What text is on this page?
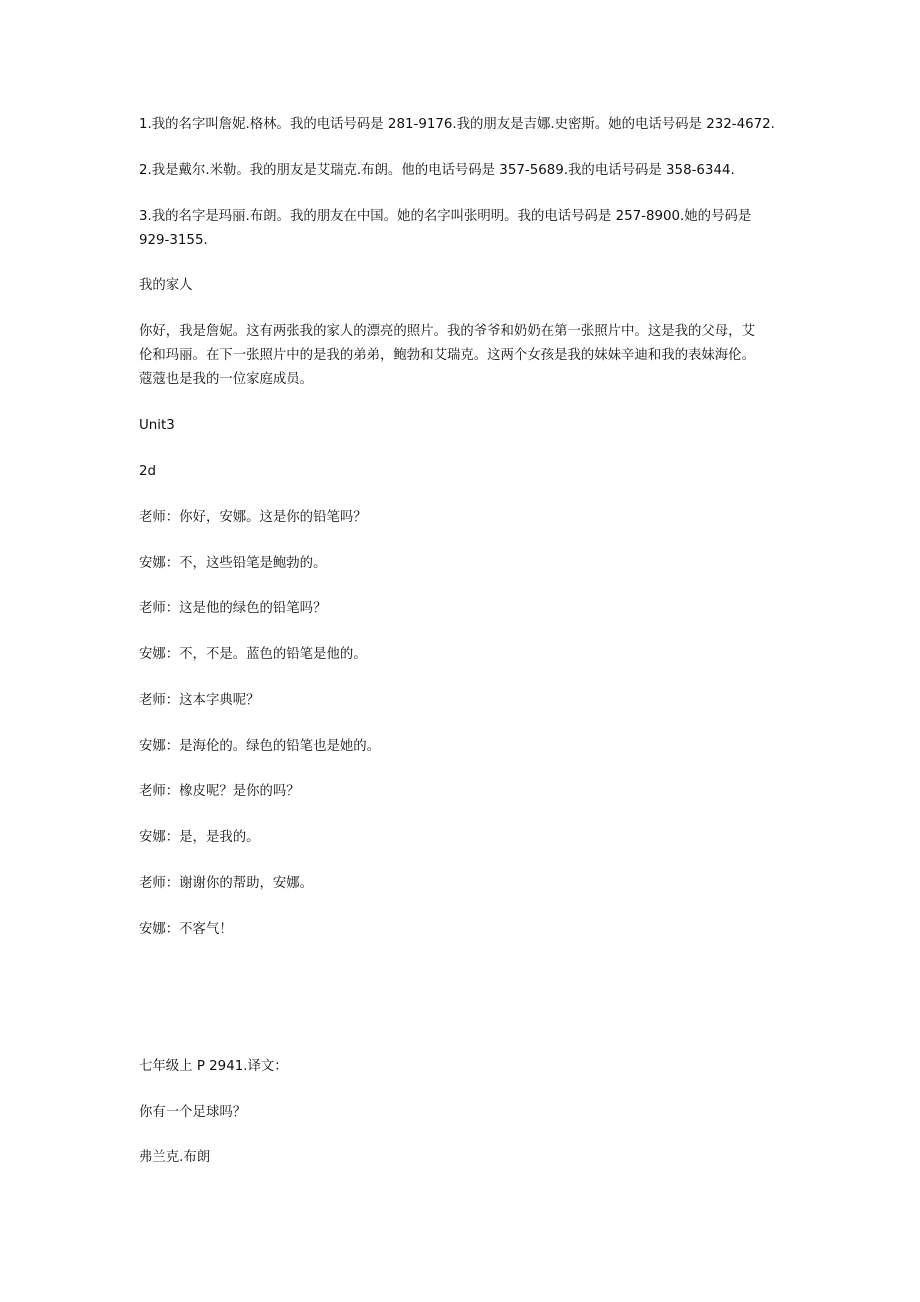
1.我的名字叫詹妮.格林。我的电话号码是 281-9176.我的朋友是吉娜.史密斯。她的电话号码是 232-4672.

2.我是戴尔.米勒。我的朋友是艾瑞克.布朗。他的电话号码是 357-5689.我的电话号码是 358-6344.

3.我的名字是玛丽.布朗。我的朋友在中国。她的名字叫张明明。我的电话号码是 257-8900.她的号码是

929-3155.

我的家人

你好，我是詹妮。这有两张我的家人的漂亮的照片。我的爷爷和奶奶在第一张照片中。这是我的父母，艾

伦和玛丽。在下一张照片中的是我的弟弟，鲍勃和艾瑞克。这两个女孩是我的妹妹辛迪和我的表妹海伦。

蔻蔻也是我的一位家庭成员。

Unit3

2d

老师：你好，安娜。这是你的铅笔吗？

安娜：不，这些铅笔是鲍勃的。

老师：这是他的绿色的铅笔吗？

安娜：不，不是。蓝色的铅笔是他的。

老师：这本字典呢？

安娜：是海伦的。绿色的铅笔也是她的。

老师：橡皮呢？是你的吗？

安娜：是，是我的。

老师：谢谢你的帮助，安娜。

安娜：不客气！

七年级上 P 2941.译文：

你有一个足球吗？

弗兰克.布朗
